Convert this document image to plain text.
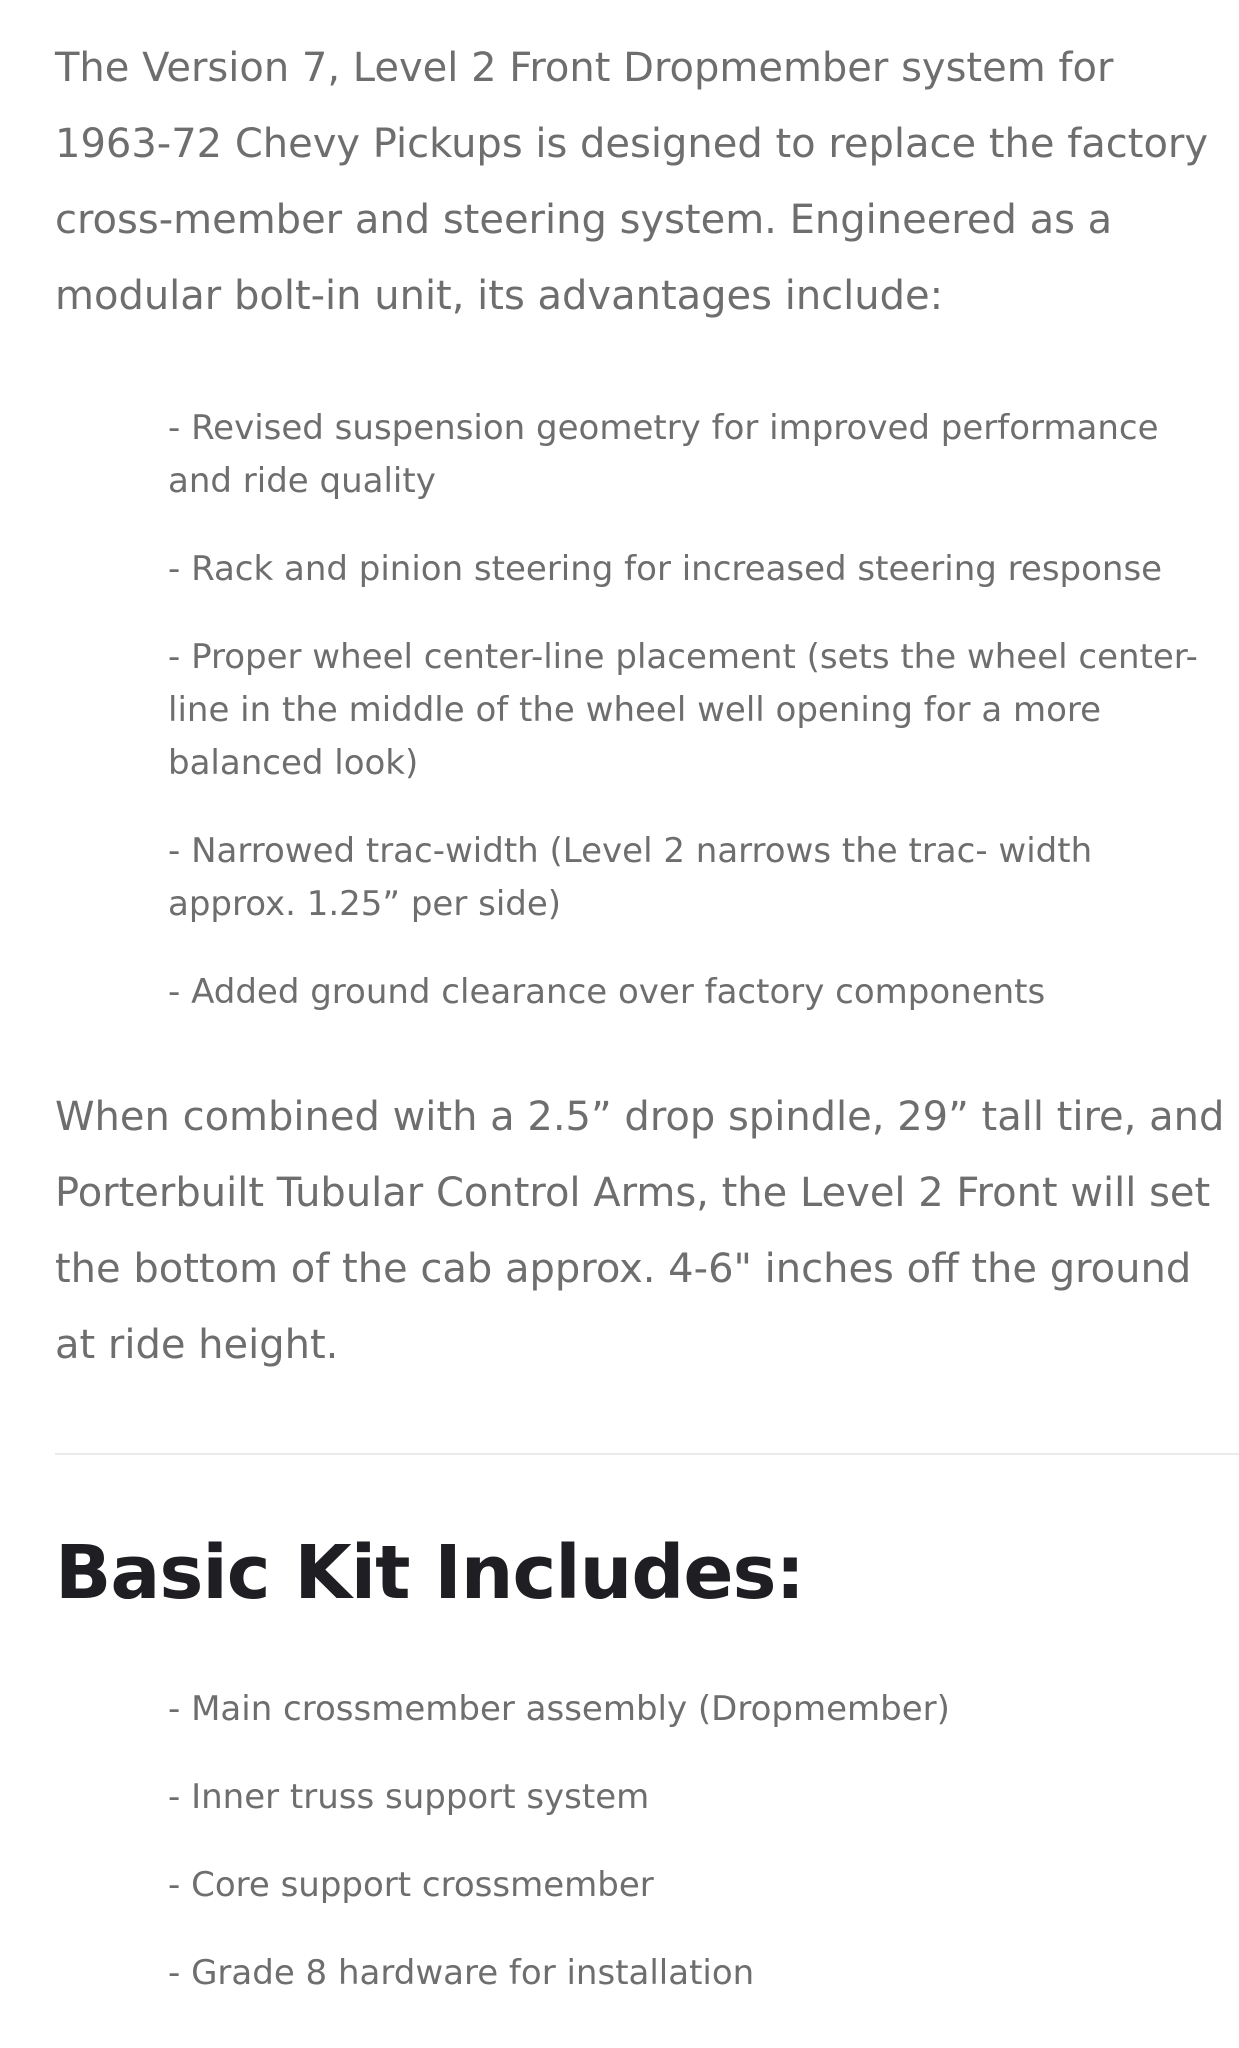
The Version 7, Level 2 Front Dropmember system for 1963-72 Chevy Pickups is designed to replace the factory cross-member and steering system. Engineered as a modular bolt-in unit, its advantages include:

- Revised suspension geometry for improved performance and ride quality
- Rack and pinion steering for increased steering response
- Proper wheel center-line placement (sets the wheel center-line in the middle of the wheel well opening for a more balanced look)
- Narrowed trac-width (Level 2 narrows the trac- width approx. 1.25” per side)
- Added ground clearance over factory components

When combined with a 2.5” drop spindle, 29” tall tire, and Porterbuilt Tubular Control Arms, the Level 2 Front will set the bottom of the cab approx. 4-6" inches off the ground at ride height.

Basic Kit Includes:
- Main crossmember assembly (Dropmember)
- Inner truss support system
- Core support crossmember
- Grade 8 hardware for installation
